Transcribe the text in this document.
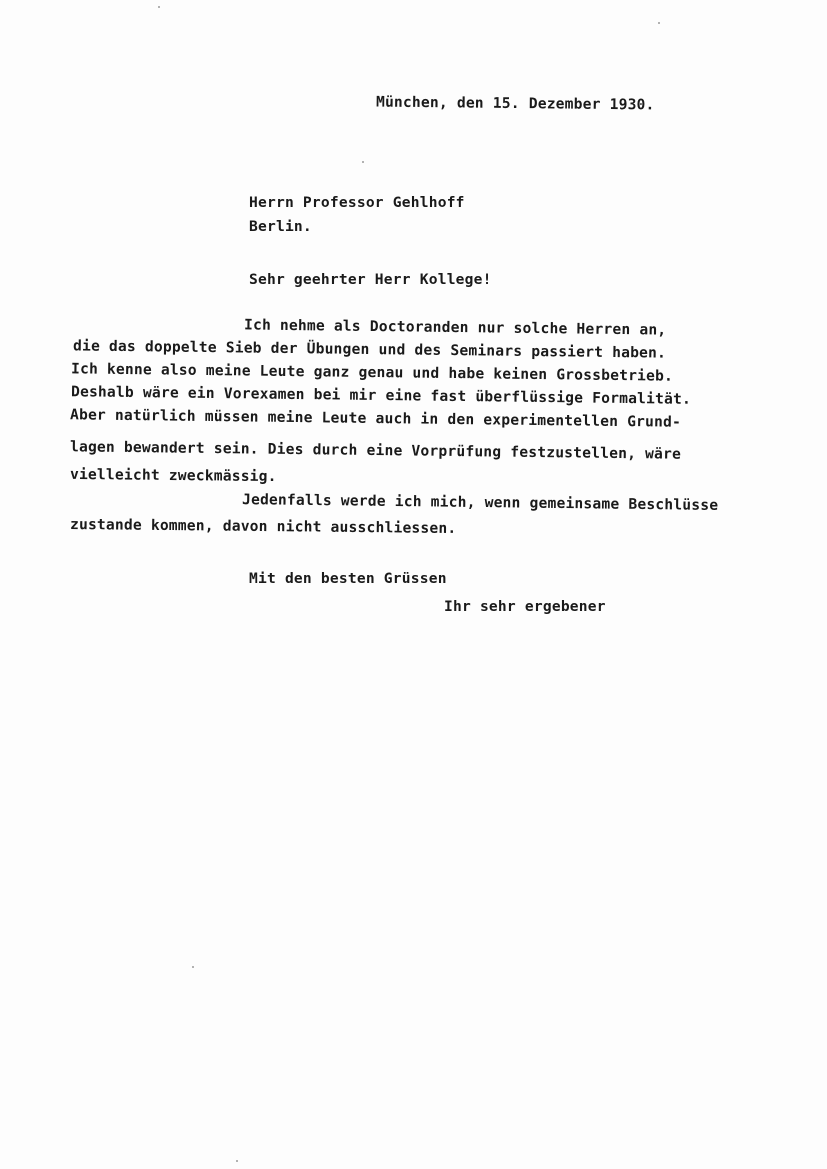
München, den 15. Dezember 1930.
Herrn Professor Gehlhoff
Berlin.
Sehr geehrter Herr Kollege!
Ich nehme als Doctoranden nur solche Herren an,
die das doppelte Sieb der Übungen und des Seminars passiert haben.
Ich kenne also meine Leute ganz genau und habe keinen Grossbetrieb.
Deshalb wäre ein Vorexamen bei mir eine fast überflüssige Formalität.
Aber natürlich müssen meine Leute auch in den experimentellen Grund-
lagen bewandert sein. Dies durch eine Vorprüfung festzustellen, wäre
vielleicht zweckmässig.
Jedenfalls werde ich mich, wenn gemeinsame Beschlüsse
zustande kommen, davon nicht ausschliessen.
Mit den besten Grüssen
Ihr sehr ergebener
